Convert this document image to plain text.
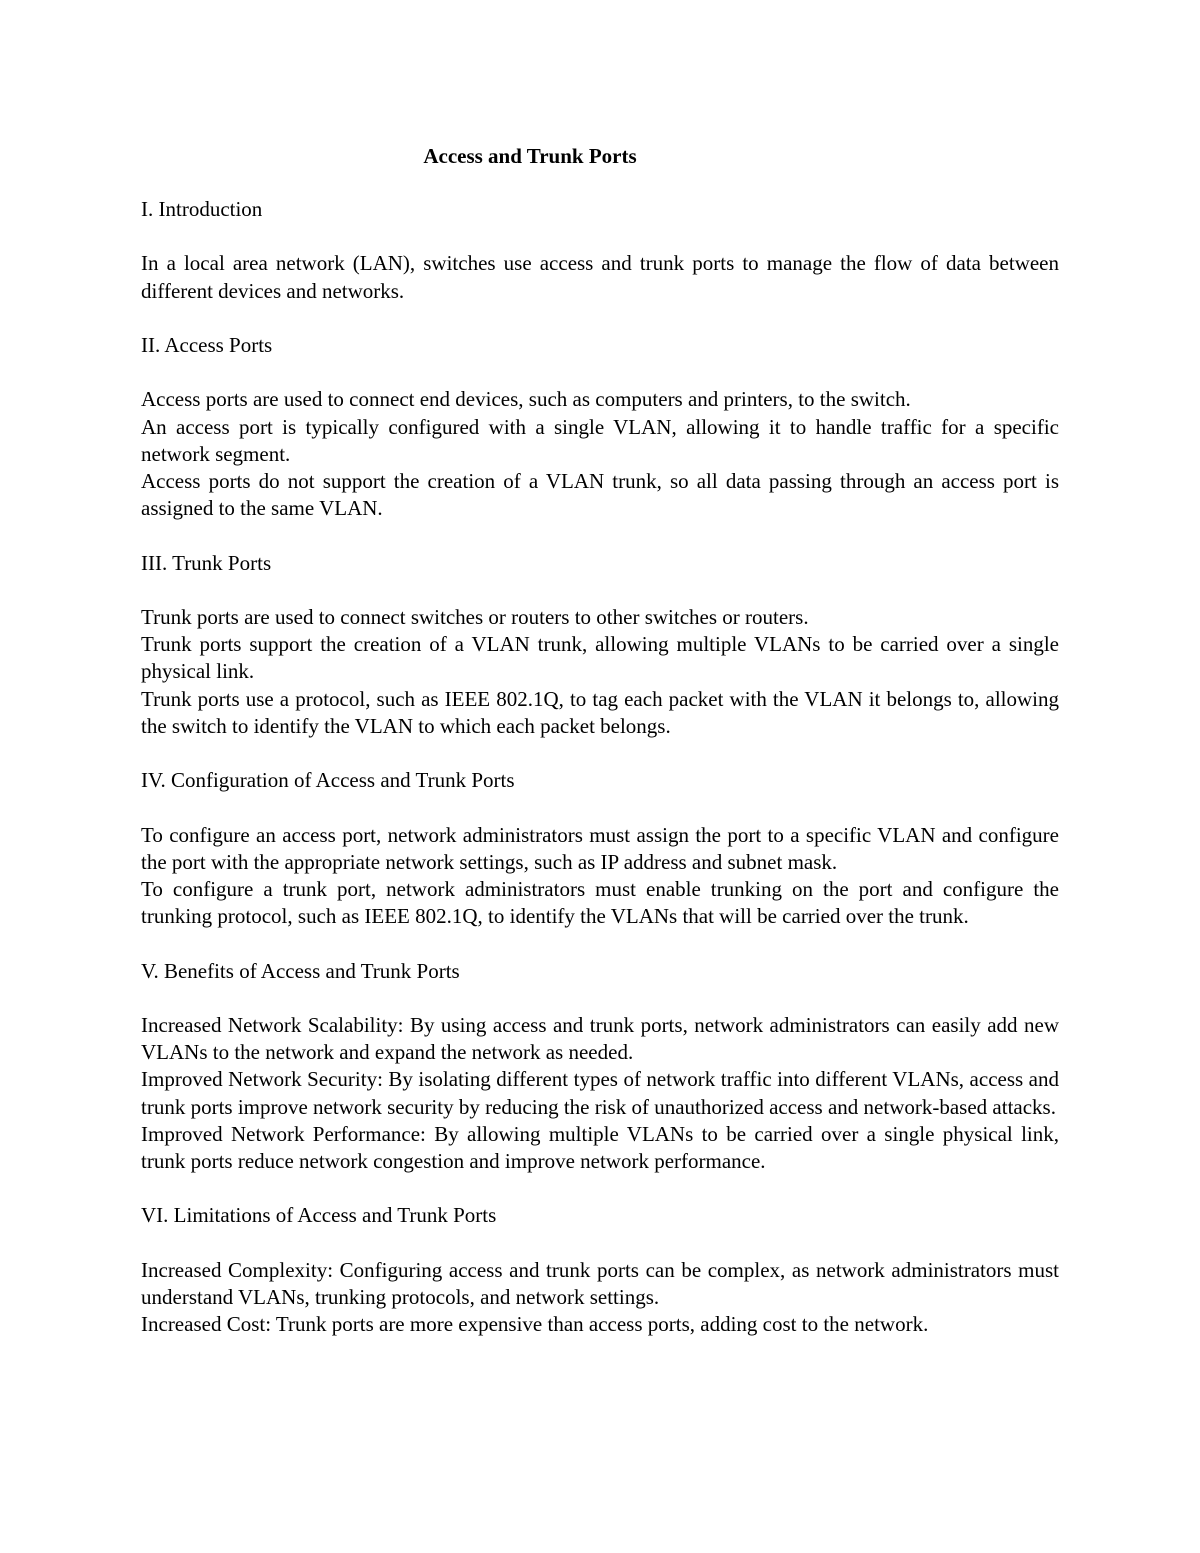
Access and Trunk Ports

I. Introduction

In a local area network (LAN), switches use access and trunk ports to manage the flow of data between different devices and networks.

II. Access Ports

Access ports are used to connect end devices, such as computers and printers, to the switch.

An access port is typically configured with a single VLAN, allowing it to handle traffic for a specific network segment.

Access ports do not support the creation of a VLAN trunk, so all data passing through an access port is assigned to the same VLAN.

III. Trunk Ports

Trunk ports are used to connect switches or routers to other switches or routers.

Trunk ports support the creation of a VLAN trunk, allowing multiple VLANs to be carried over a single physical link.

Trunk ports use a protocol, such as IEEE 802.1Q, to tag each packet with the VLAN it belongs to, allowing the switch to identify the VLAN to which each packet belongs.

IV. Configuration of Access and Trunk Ports

To configure an access port, network administrators must assign the port to a specific VLAN and configure the port with the appropriate network settings, such as IP address and subnet mask.

To configure a trunk port, network administrators must enable trunking on the port and configure the trunking protocol, such as IEEE 802.1Q, to identify the VLANs that will be carried over the trunk.

V. Benefits of Access and Trunk Ports

Increased Network Scalability: By using access and trunk ports, network administrators can easily add new VLANs to the network and expand the network as needed.

Improved Network Security: By isolating different types of network traffic into different VLANs, access and trunk ports improve network security by reducing the risk of unauthorized access and network-based attacks.

Improved Network Performance: By allowing multiple VLANs to be carried over a single physical link, trunk ports reduce network congestion and improve network performance.

VI. Limitations of Access and Trunk Ports

Increased Complexity: Configuring access and trunk ports can be complex, as network administrators must understand VLANs, trunking protocols, and network settings.

Increased Cost: Trunk ports are more expensive than access ports, adding cost to the network.
